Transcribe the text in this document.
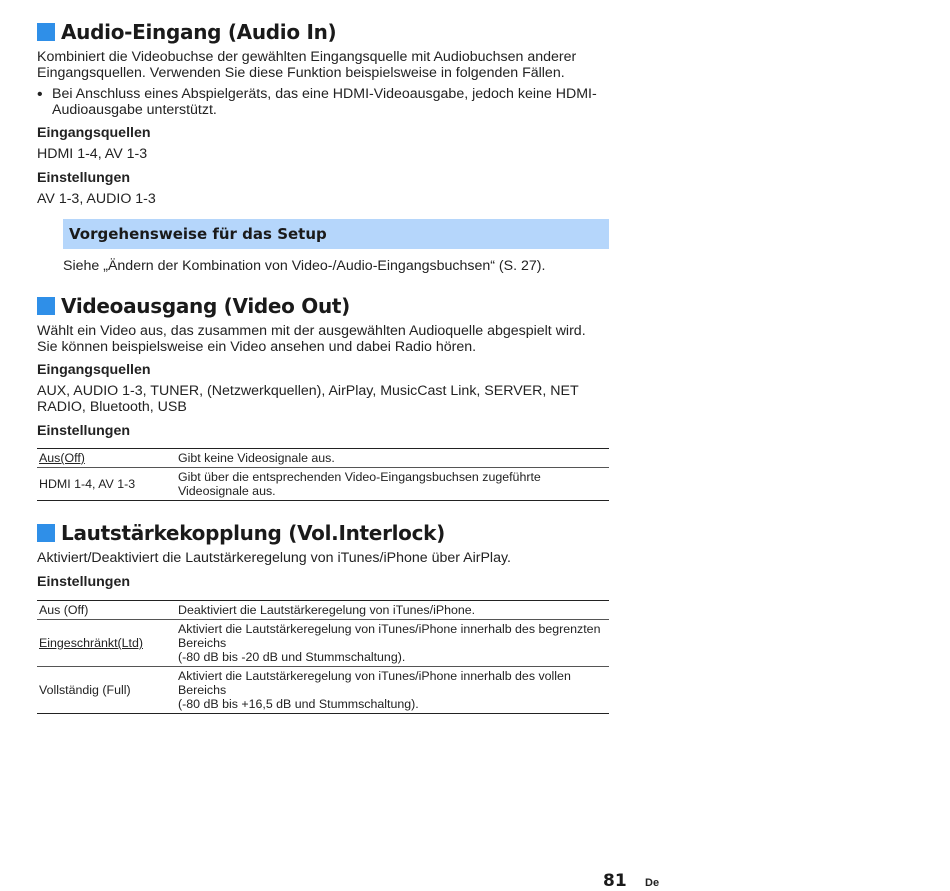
Audio-Eingang (Audio In)

Kombiniert die Videobuchse der gewählten Eingangsquelle mit Audiobuchsen anderer Eingangsquellen. Verwenden Sie diese Funktion beispielsweise in folgenden Fällen.

• Bei Anschluss eines Abspielgeräts, das eine HDMI-Videoausgabe, jedoch keine HDMI-Audioausgabe unterstützt.

Eingangsquellen

HDMI 1-4, AV 1-3

Einstellungen

AV 1-3, AUDIO 1-3

Vorgehensweise für das Setup

Siehe „Ändern der Kombination von Video-/Audio-Eingangsbuchsen“ (S. 27).

Videoausgang (Video Out)

Wählt ein Video aus, das zusammen mit der ausgewählten Audioquelle abgespielt wird. Sie können beispielsweise ein Video ansehen und dabei Radio hören.

Eingangsquellen

AUX, AUDIO 1-3, TUNER, (Netzwerkquellen), AirPlay, MusicCast Link, SERVER, NET RADIO, Bluetooth, USB

Einstellungen

Aus(Off)	Gibt keine Videosignale aus.
HDMI 1-4, AV 1-3	Gibt über die entsprechenden Video-Eingangsbuchsen zugeführte Videosignale aus.
Lautstärkekopplung (Vol.Interlock)

Aktiviert/Deaktiviert die Lautstärkeregelung von iTunes/iPhone über AirPlay.

Einstellungen

Aus (Off)	Deaktiviert die Lautstärkeregelung von iTunes/iPhone.
Eingeschränkt(Ltd)	Aktiviert die Lautstärkeregelung von iTunes/iPhone innerhalb des begrenzten Bereichs
(-80 dB bis -20 dB und Stummschaltung).

Vollständig (Full)	Aktiviert die Lautstärkeregelung von iTunes/iPhone innerhalb des vollen Bereichs
(-80 dB bis +16,5 dB und Stummschaltung).
81 De
